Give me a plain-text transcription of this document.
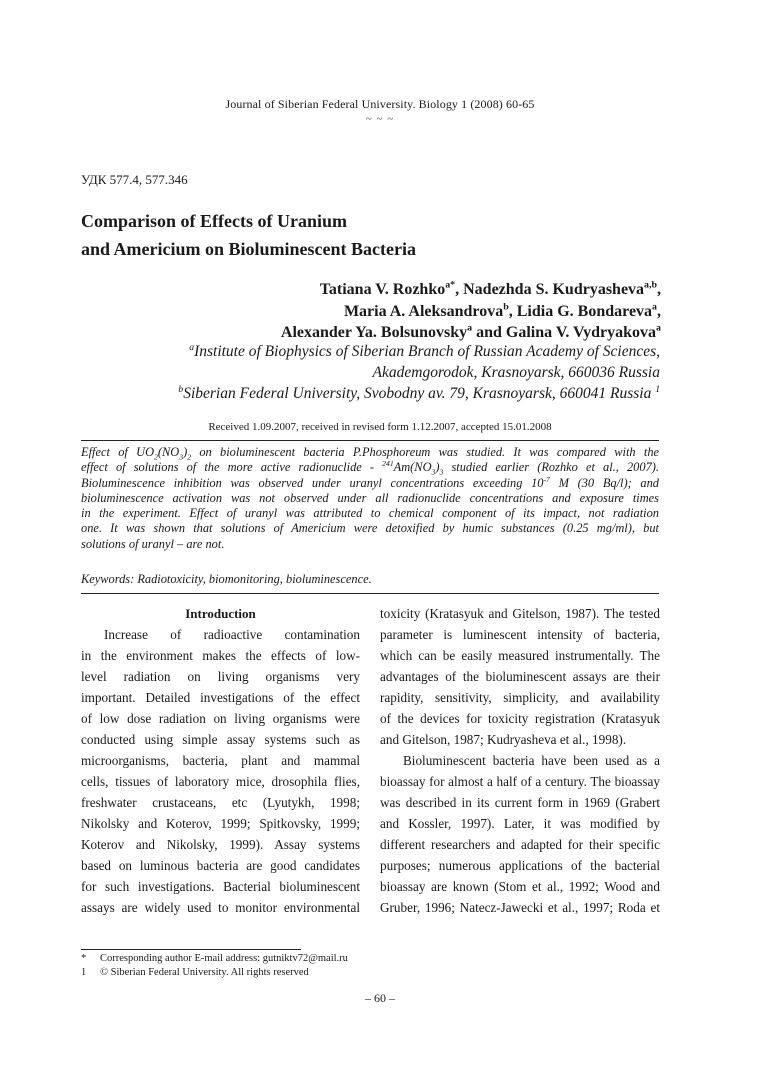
Journal of Siberian Federal University. Biology 1 (2008) 60-65
~ ~ ~
УДК 577.4, 577.346
Comparison of Effects of Uranium
and Americium on Bioluminescent Bacteria
Tatiana V. Rozhko$^{a*}$, Nadezhda S. Kudryasheva$^{a,b}$,
Maria A. Aleksandrova$^b$, Lidia G. Bondareva$^a$,
Alexander Ya. Bolsunovsky$^a$ and Galina V. Vydryakova$^a$
$^a$Institute of Biophysics of Siberian Branch of Russian Academy of Sciences,
Akademgorodok, Krasnoyarsk, 660036 Russia
$^b$Siberian Federal University, Svobodny av. 79, Krasnoyarsk, 660041 Russia $^1$
Received 1.09.2007, received in revised form 1.12.2007, accepted 15.01.2008
Effect of $UO_2(NO_3)_2$ on bioluminescent bacteria P.Phosphoreum was studied. It was compared with the
effect of solutions of the more active radionuclide - $^{241}Am(NO_3)_3$ studied earlier (Rozhko et al., 2007).
Bioluminescence inhibition was observed under uranyl concentrations exceeding $10^{-7}$ M (30 Bq/l); and
bioluminescence activation was not observed under all radionuclide concentrations and exposure times
in the experiment. Effect of uranyl was attributed to chemical component of its impact, not radiation
one. It was shown that solutions of Americium were detoxified by humic substances (0.25 mg/ml), but
solutions of uranyl – are not.
Keywords: Radiotoxicity, biomonitoring, bioluminescence.
Introduction
Increase of radioactive contamination
in the environment makes the effects of low-
level radiation on living organisms very
important. Detailed investigations of the effect
of low dose radiation on living organisms were
conducted using simple assay systems such as
microorganisms, bacteria, plant and mammal
cells, tissues of laboratory mice, drosophila flies,
freshwater crustaceans, etc (Lyutykh, 1998;
Nikolsky and Koterov, 1999; Spitkovsky, 1999;
Koterov and Nikolsky, 1999). Assay systems
based on luminous bacteria are good candidates
for such investigations. Bacterial bioluminescent
assays are widely used to monitor environmental
toxicity (Kratasyuk and Gitelson, 1987). The tested
parameter is luminescent intensity of bacteria,
which can be easily measured instrumentally. The
advantages of the bioluminescent assays are their
rapidity, sensitivity, simplicity, and availability
of the devices for toxicity registration (Kratasyuk
and Gitelson, 1987; Kudryasheva et al., 1998).
Bioluminescent bacteria have been used as a
bioassay for almost a half of a century. The bioassay
was described in its current form in 1969 (Grabert
and Kossler, 1997). Later, it was modified by
different researchers and adapted for their specific
purposes; numerous applications of the bacterial
bioassay are known (Stom et al., 1992; Wood and
Gruber, 1996; Natecz-Jawecki et al., 1997; Roda et
* Corresponding author E-mail address: gutniktv72@mail.ru
1 © Siberian Federal University. All rights reserved
– 60 –
